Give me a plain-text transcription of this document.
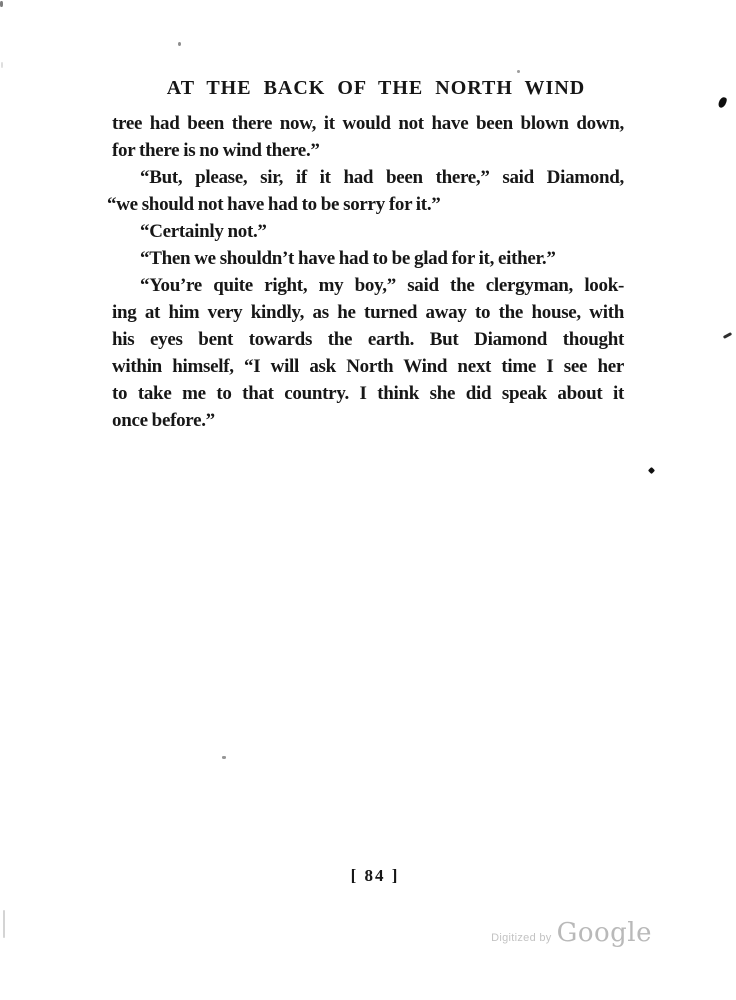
AT THE BACK OF THE NORTH WIND
tree had been there now, it would not have been blown down,
for there is no wind there.”
“But, please, sir, if it had been there,” said Diamond,
“we should not have had to be sorry for it.”
“Certainly not.”
“Then we shouldn’t have had to be glad for it, either.”
“You’re quite right, my boy,” said the clergyman, look-
ing at him very kindly, as he turned away to the house, with
his eyes bent towards the earth. But Diamond thought
within himself, “I will ask North Wind next time I see her
to take me to that country. I think she did speak about it
once before.”
[ 84 ]
Digitized by Google
